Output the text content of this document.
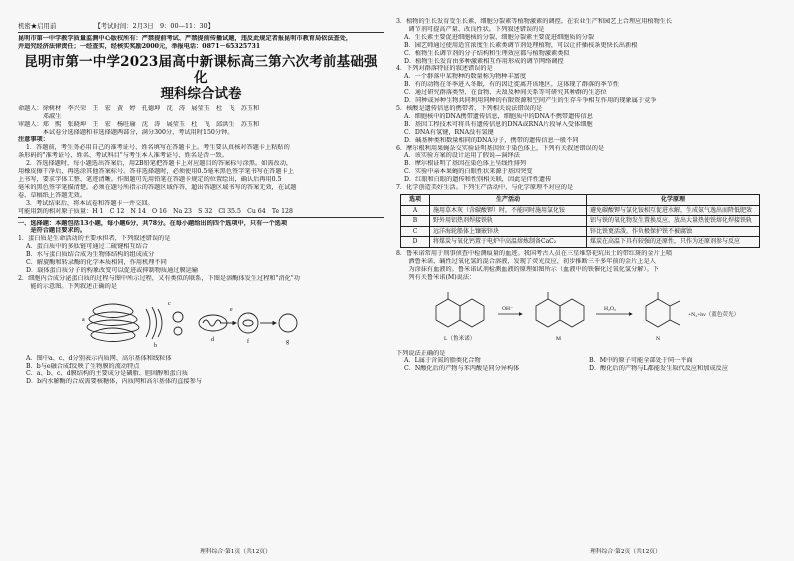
机密★启用前	【考试时间：2月3日　9：00—11：30】
昆明市第一中学教学质量监测中心版权所有：严禁提前考试、严禁提前传播试题，违反此规定者报昆明市教育局依法查处，
并追究经济法律责任；一经查实，经核实奖励2000元，举报电话：0871－65325731
昆明市第一中学2023届高中新课标高三第六次考前基础强化
理科综合试卷
命题人：徐树材　李兴荣　王　宏　黄　婷　孔德坤　沈　涛　展莹玉　杜　飞　苏玉和
　　　　邓淑生
审题人：郑　熙　张晓坤　王　宏　杨旺瑜　沈　涛　展莹玉　杜　飞　邱洪生　苏玉和
　　　　本试卷分选择题和非选择题两部分，满分300分，考试用时150分钟。
注意事项：
1．答题前，考生务必用自己的准考证号、姓名填写在答题卡上。考生要认真核对答题卡上粘贴的
条形码的"准考证号、姓名、考试科目"与考生本人准考证号、姓名是否一致。
2．答选择题时，每小题选出答案后，用2B铅笔把答题卡上对应题目的答案标号涂黑。如需改动，
用橡皮擦干净后，再选涂其他答案标号。答非选择题时，必须使用0.5毫米黑色签字笔书写在答题卡上
上书写，要求字体工整、笔迹清晰。作图题可先用铅笔在答题卡规定的位置绘出，确认后再用0.5
毫米的黑色签字笔描清楚。必须在题号所指示的答题区域作答，超出答题区域书写的答案无效，在试题
卷、草稿纸上答题无效。
3．考试结束后，将本试卷和答题卡一并交回。
可能用到的相对原子质量：H 1　C 12　N 14　O 16　Na 23　S 32　Cl 35.5　Cu 64　Te 128
一、选择题：本题包括13小题，每小题6分，共78分。在每小题给出的四个选项中，只有一个选项
　　是符合题目要求的。
1．蛋白质是生命活动的主要承担者，下列叙述错误的是
A．蛋白质中的多肽链可通过二硫键相互结合
B．水与蛋白质结合成为生物体结构的组成成分
C．解旋酶和转录酶的化学本质相同，作用机理不同
D．载体蛋白质分子的构象改变可以促进或抑制物质通过膜运输
2．细胞内合成分泌蛋白质的过程与图中所示过程，又有类似的联系，下图是溶酶体发生过程和"消化"功
　　能的示意图。下列叙述正确的是
a
b
c
d
e
f	g
A．图中a、c、d分别表示内质网、高尔基体和线粒体
B．b与e融合成f反映了生物膜的流动特点
C．a、b、c、d膜结构的主要成分是磷脂、胆固醇和蛋白质
D．b内水解酶的合成需要核糖体，内质网和高尔基体的直接参与
3．植物的生长发育受生长素、细胞分裂素等植物激素的调控。在农业生产和园艺上合理应用植物生长
　　调节剂可提高产量、改良性状。下列叙述错误的是
A．生长素主要促进细胞核的分裂，细胞分裂素主要促进细胞质的分裂
B．园艺师通过使用适宜浓度生长素类调节剂处理植物，可以让扦插枝条更快长出新根
C．植物生长调节剂的分子结构和生理效应都与植物激素类似
D．植物生长发育由多种激素相互作用形成的调节网络调控
4．下列对群落特征的叙述错误的是
A．一个群落中某物种的数量称为物种丰富度
B．有的动物在冬季进入冬眠，有的因迁徙离开该地区，这体现了群落的季节性
C．通过研究群落类型、在食物、天敌及种间关系等可研究其种群的生态位
D．同种或异种生物共同利用同种的有限资源和空间产生的生存斗争相互作用的现象属于竞争
5．核酸是遗传信息的携带者，下列相关说法错误的是
A．细胞核中的DNA携带遗传信息，细胞质中的DNA不携带遗传信息
B．基因工程技术可将具有遗传信息的DNA或RNA片段导入受体细胞
C．DNA有氢键，RNA没有氢键
D．碱基种类和数量相同的DNA分子，携带的遗传信息一般不同
6．摩尔根利用果蝇杂交实验证明基因位于染色体上，下列有关叙述错误的是
A．该实验方案的设计运用了假说—演绎法
B．摩尔根证明了基因在染色体上呈线性排列
C．实验中亲本果蝇的白眼性状来源于基因突变
D．红眼和白眼的遗传和性别相关联，因此是伴性遗传
7．化学创造美好生活。下列生产活动中，与化学原理不对应的是
选项	生产活动	化学原理
A	施用草木灰（含碳酸钾）时，不能同时施用氯化铵	避免碳酸钾与氯化铵相互促进水解，生成氨气逸出而降低肥效
B	野外用铝热剂焊接铁轨	铝与铁的氧化物发生置换反应，放出大量热使铁熔化焊接铁轨
C	远洋海轮船体上镶嵌锌块	锌比铁更活泼，作负极保护铁不被腐蚀
D	将煤炭与氧化钙置于电炉中高温熔炼制备CaC₂	煤炭在高温下具有较强的还原性，只作为还原剂参与反应
8．鲁米诺常用于刑事侦查中检测痕量的血迹。我国考古人员在三星堆祭祀坑出土的带红斑的金片上喷
　　洒鲁米诺，碱性过氧化氢的混合溶液，发现了荧光反应，初步推断三千多年前的金片上是人
　　为涂抹有血液的。鲁米诺试剂检测血液的原理如图所示（血液中的铁催化过氧化氢分解）。下
　　列有关鲁米诺(M)说法：
L（鲁米诺）	M	N
OH⁻	H₂O₂
+N₂+hν（蓝色荧光）
下列说法正确的是
A．L属于含氮的脂类化合物	B．M中的原子可能全部处于同一平面
C．N酸化后的产物与苯丙酸是同分异构体	D．酸化后的产物与L都能发生取代反应和加成反应
理科综合·第1页（共12页）	理科综合·第2页（共12页）
